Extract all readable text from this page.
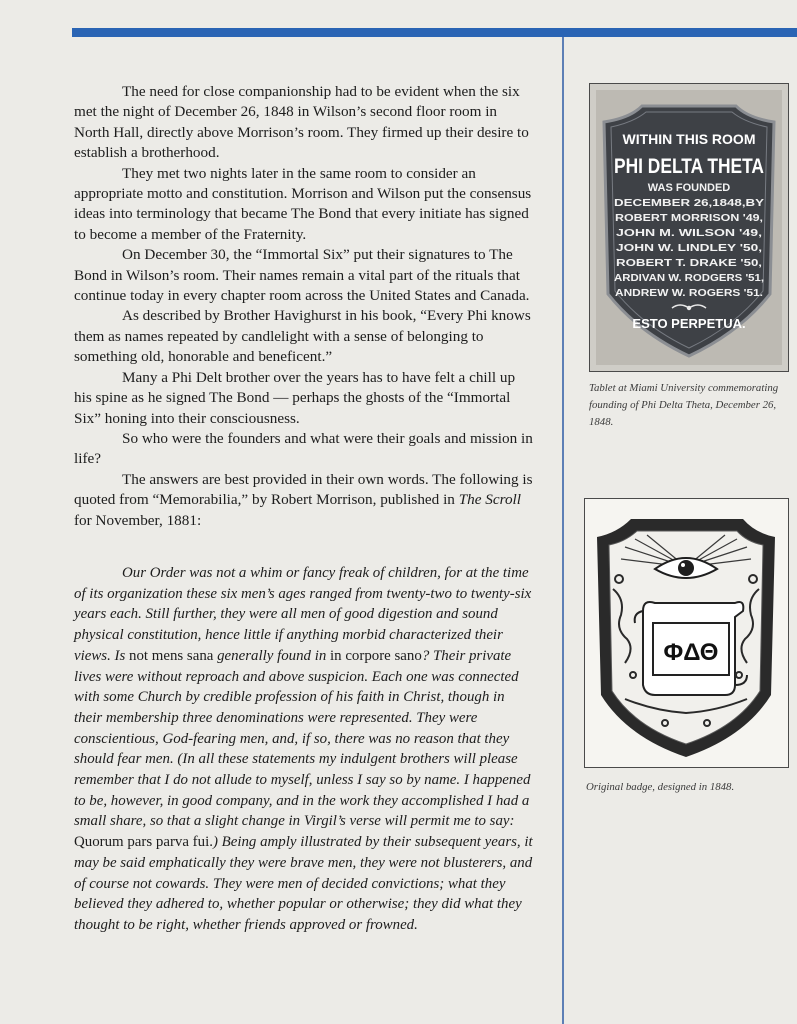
The need for close companionship had to be evident when the six met the night of December 26, 1848 in Wilson’s second floor room in North Hall, directly above Morrison’s room. They firmed up their desire to establish a brotherhood.

They met two nights later in the same room to consider an appropriate motto and constitution. Morrison and Wilson put the consensus ideas into terminology that became The Bond that every initiate has signed to become a member of the Fraternity.

On December 30, the “Immortal Six” put their signatures to The Bond in Wilson’s room. Their names remain a vital part of the rituals that continue today in every chapter room across the United States and Canada.

As described by Brother Havighurst in his book, “Every Phi knows them as names repeated by candlelight with a sense of belonging to something old, honorable and beneficent.”

Many a Phi Delt brother over the years has to have felt a chill up his spine as he signed The Bond — perhaps the ghosts of the “Immortal Six” honing into their consciousness.

So who were the founders and what were their goals and mission in life?

The answers are best provided in their own words. The following is quoted from “Memorabilia,” by Robert Morrison, published in The Scroll for November, 1881:

Our Order was not a whim or fancy freak of children, for at the time of its organization these six men’s ages ranged from twenty-two to twenty-six years each. Still further, they were all men of good digestion and sound physical constitution, hence little if anything morbid characterized their views. Is not mens sana generally found in in corpore sano? Their private lives were without reproach and above suspicion. Each one was connected with some Church by credible profession of his faith in Christ, though in their membership three denominations were represented. They were conscientious, God-fearing men, and, if so, there was no reason that they should fear men. (In all these statements my indulgent brothers will please remember that I do not allude to myself, unless I say so by name. I happened to be, however, in good company, and in the work they accomplished I had a small share, so that a slight change in Virgil’s verse will permit me to say: Quorum pars parva fui.) Being amply illustrated by their subsequent years, it may be said emphatically they were brave men, they were not blusterers, and of course not cowards. They were men of decided convictions; what they believed they adhered to, whether popular or otherwise; they did what they thought to be right, whether friends approved or frowned.

WITHIN THIS ROOM
PHI DELTA THETA
WAS FOUNDED
DECEMBER 26,1848,BY
ROBERT MORRISON '49,
JOHN M. WILSON '49,
JOHN W. LINDLEY '50,
ROBERT T. DRAKE '50,
ARDIVAN W. RODGERS '51,
ANDREW W. ROGERS '51.
ESTO PERPETUA.
Tablet at Miami University commemorating founding of Phi Delta Theta, December 26, 1848.
ΦΔΘ
Original badge, designed in 1848.
